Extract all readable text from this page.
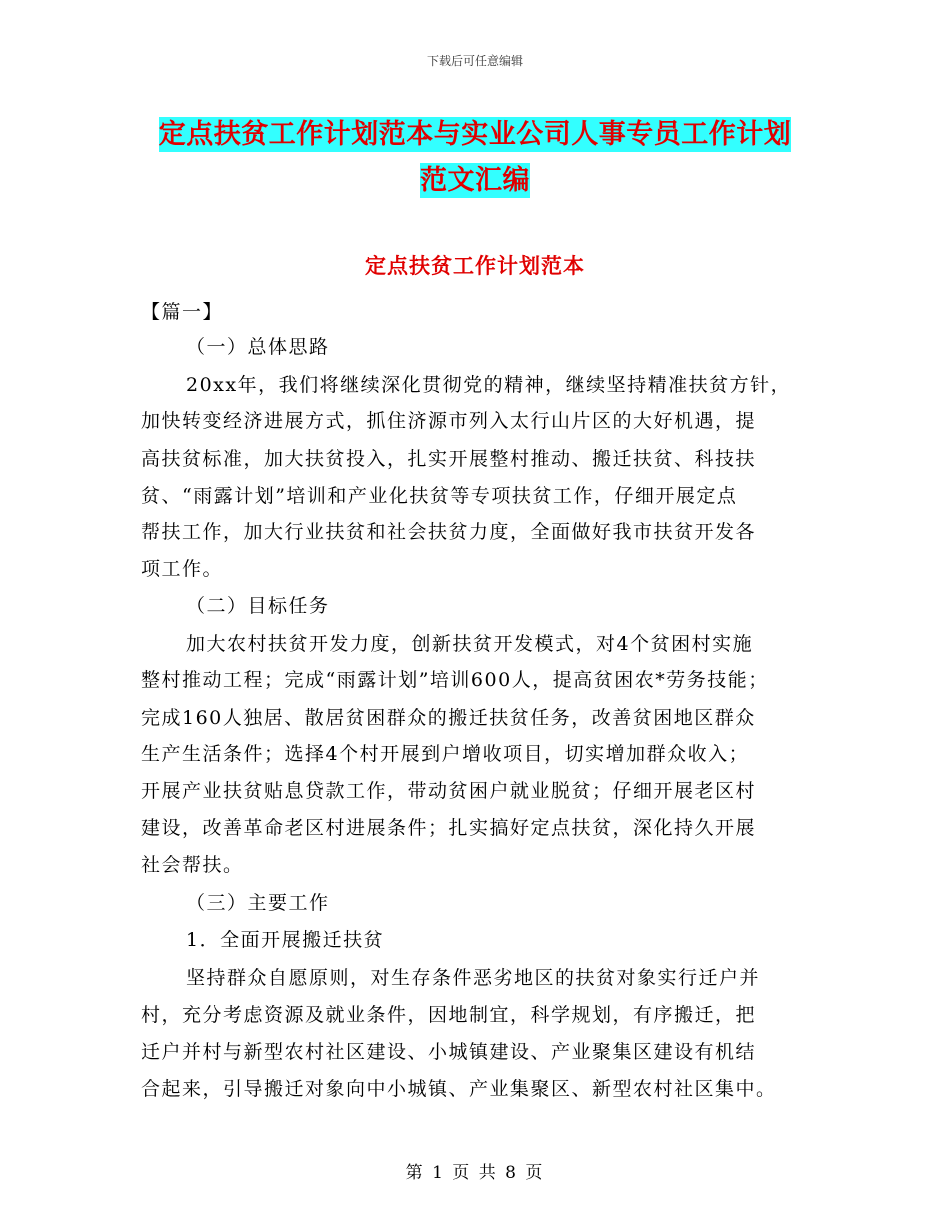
下载后可任意编辑
定点扶贫工作计划范本与实业公司人事专员工作计划
范文汇编
定点扶贫工作计划范本
【篇一】
（一）总体思路
20xx年，我们将继续深化贯彻党的精神，继续坚持精准扶贫方针，
加快转变经济进展方式，抓住济源市列入太行山片区的大好机遇，提
高扶贫标准，加大扶贫投入，扎实开展整村推动、搬迁扶贫、科技扶
贫、“雨露计划”培训和产业化扶贫等专项扶贫工作，仔细开展定点
帮扶工作，加大行业扶贫和社会扶贫力度，全面做好我市扶贫开发各
项工作。
（二）目标任务
加大农村扶贫开发力度，创新扶贫开发模式，对4个贫困村实施
整村推动工程；完成“雨露计划”培训600人，提高贫困农*劳务技能；
完成160人独居、散居贫困群众的搬迁扶贫任务，改善贫困地区群众
生产生活条件；选择4个村开展到户增收项目，切实增加群众收入；
开展产业扶贫贴息贷款工作，带动贫困户就业脱贫；仔细开展老区村
建设，改善革命老区村进展条件；扎实搞好定点扶贫，深化持久开展
社会帮扶。
（三）主要工作
1．全面开展搬迁扶贫
坚持群众自愿原则，对生存条件恶劣地区的扶贫对象实行迁户并
村，充分考虑资源及就业条件，因地制宜，科学规划，有序搬迁，把
迁户并村与新型农村社区建设、小城镇建设、产业聚集区建设有机结
合起来，引导搬迁对象向中小城镇、产业集聚区、新型农村社区集中。
第 1 页 共 8 页
